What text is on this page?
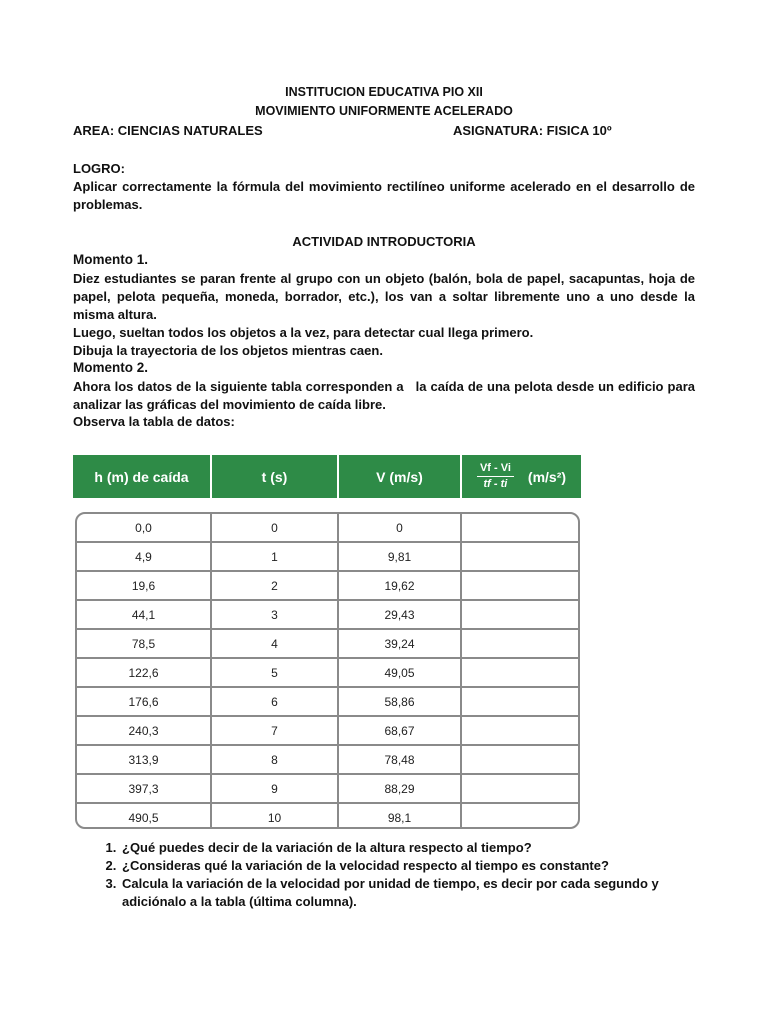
INSTITUCION EDUCATIVA PIO XII
MOVIMIENTO UNIFORMENTE ACELERADO
AREA: CIENCIAS NATURALES	ASIGNATURA: FISICA 10º
LOGRO:
Aplicar correctamente la fórmula del movimiento rectilíneo uniforme acelerado en el desarrollo de problemas.
ACTIVIDAD INTRODUCTORIA
Momento 1.
Diez estudiantes se paran frente al grupo con un objeto (balón, bola de papel, sacapuntas, hoja de papel, pelota pequeña, moneda, borrador, etc.), los van a soltar libremente uno a uno desde la misma altura.
Luego, sueltan todos los objetos a la vez, para detectar cual llega primero.
Dibuja la trayectoria de los objetos mientras caen.
Momento 2.
Ahora los datos de la siguiente tabla corresponden a   la caída de una pelota desde un edificio para analizar las gráficas del movimiento de caída libre.
Observa la tabla de datos:
h (m) de caída	t (s)	V (m/s)	$\frac{Vf - Vi}{tf - ti} (m/s^2)$
0,0	0	0	
4,9	1	9,81	
19,6	2	19,62	
44,1	3	29,43	
78,5	4	39,24	
122,6	5	49,05	
176,6	6	58,86	
240,3	7	68,67	
313,9	8	78,48	
397,3	9	88,29	
490,5	10	98,1	
1. ¿Qué puedes decir de la variación de la altura respecto al tiempo?
2. ¿Consideras qué la variación de la velocidad respecto al tiempo es constante?
3. Calcula la variación de la velocidad por unidad de tiempo, es decir por cada segundo y adiciónalo a la tabla (última columna).
